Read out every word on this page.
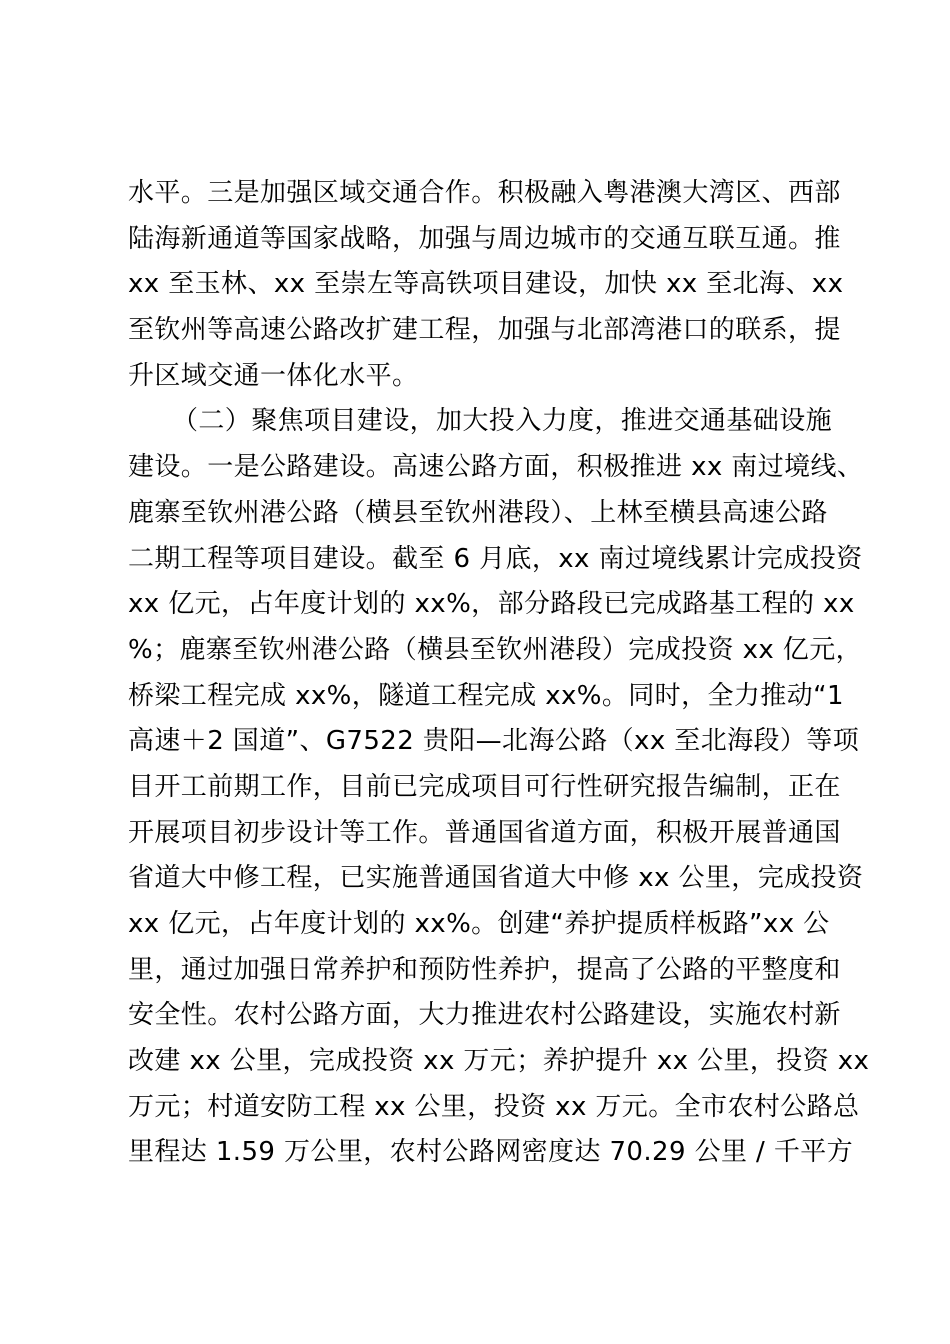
水平。三是加强区域交通合作。积极融入粤港澳大湾区、西部
陆海新通道等国家战略，加强与周边城市的交通互联互通。推
xx 至玉林、xx 至崇左等高铁项目建设，加快 xx 至北海、xx
至钦州等高速公路改扩建工程，加强与北部湾港口的联系，提
升区域交通一体化水平。
（二）聚焦项目建设，加大投入力度，推进交通基础设施
建设。一是公路建设。高速公路方面，积极推进 xx 南过境线、
鹿寨至钦州港公路（横县至钦州港段）、上林至横县高速公路
二期工程等项目建设。截至 6 月底，xx 南过境线累计完成投资
xx 亿元，占年度计划的 xx%，部分路段已完成路基工程的 xx
%；鹿寨至钦州港公路（横县至钦州港段）完成投资 xx 亿元，
桥梁工程完成 xx%，隧道工程完成 xx%。同时，全力推动“1
高速＋2 国道”、G7522 贵阳—北海公路（xx 至北海段）等项
目开工前期工作，目前已完成项目可行性研究报告编制，正在
开展项目初步设计等工作。普通国省道方面，积极开展普通国
省道大中修工程，已实施普通国省道大中修 xx 公里，完成投资
xx 亿元，占年度计划的 xx%。创建“养护提质样板路”xx 公
里，通过加强日常养护和预防性养护，提高了公路的平整度和
安全性。农村公路方面，大力推进农村公路建设，实施农村新
改建 xx 公里，完成投资 xx 万元；养护提升 xx 公里，投资 xx
万元；村道安防工程 xx 公里，投资 xx 万元。全市农村公路总
里程达 1.59 万公里，农村公路网密度达 70.29 公里 / 千平方
